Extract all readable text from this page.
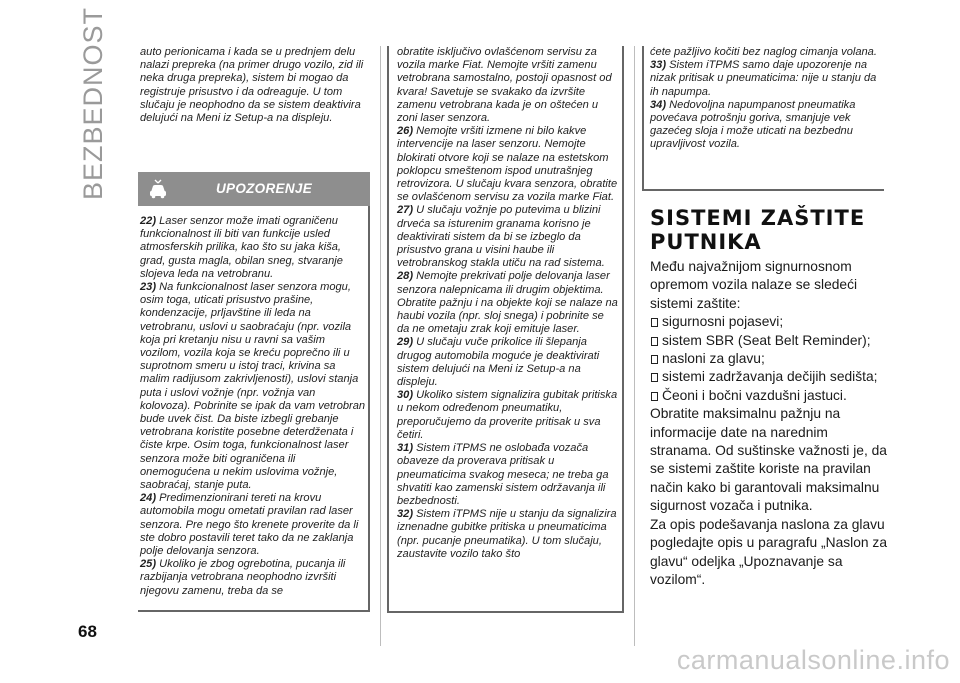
BEZBEDNOST	auto perionicama i kada se u prednjem delu nalazi prepreka (na primer drugo vozilo, zid ili neka druga prepreka), sistem bi mogao da registruje prisustvo i da odreaguje. U tom slučaju je neophodno da se sistem deaktivira delujući na Meni iz Setup-a na displeju.

UPOZORENJE

22) Laser senzor može imati ograničenu funkcionalnost ili biti van funkcije usled atmosferskih prilika, kao što su jaka kiša, grad, gusta magla, obilan sneg, stvaranje slojeva leda na vetrobranu.

23) Na funkcionalnost laser senzora mogu, osim toga, uticati prisustvo prašine, kondenzacije, prljavštine ili leda na vetrobranu, uslovi u saobraćaju (npr. vozila koja pri kretanju nisu u ravni sa vašim vozilom, vozila koja se kreću poprečno ili u suprotnom smeru u istoj traci, krivina sa malim radijusom zakrivljenosti), uslovi stanja puta i uslovi vožnje (npr. vožnja van kolovoza). Pobrinite se ipak da vam vetrobran bude uvek čist. Da biste izbegli grebanje vetrobrana koristite posebne deterdženata i čiste krpe. Osim toga, funkcionalnost laser senzora može biti ograničena ili onemogućena u nekim uslovima vožnje, saobraćaj, stanje puta.

24) Predimenzionirani tereti na krovu automobila mogu ometati pravilan rad laser senzora. Pre nego što krenete proverite da li ste dobro postavili teret tako da ne zaklanja polje delovanja senzora.

25) Ukoliko je zbog ogrebotina, pucanja ili razbijanja vetrobrana neophodno izvršiti njegovu zamenu, treba da se

obratite isključivo ovlašćenom servisu za vozila marke Fiat. Nemojte vršiti zamenu vetrobrana samostalno, postoji opasnost od kvara! Savetuje se svakako da izvršite zamenu vetrobrana kada je on oštećen u zoni laser senzora.

26) Nemojte vršiti izmene ni bilo kakve intervencije na laser senzoru. Nemojte blokirati otvore koji se nalaze na estetskom poklopcu smeštenom ispod unutrašnjeg retrovizora. U slučaju kvara senzora, obratite se ovlašćenom servisu za vozila marke Fiat.

27) U slučaju vožnje po putevima u blizini drveća sa isturenim granama korisno je deaktivirati sistem da bi se izbeglo da prisustvo grana u visini haube ili vetrobranskog stakla utiču na rad sistema.

28) Nemojte prekrivati polje delovanja laser senzora nalepnicama ili drugim objektima. Obratite pažnju i na objekte koji se nalaze na haubi vozila (npr. sloj snega) i pobrinite se da ne ometaju zrak koji emituje laser.

29) U slučaju vuče prikolice ili šlepanja drugog automobila moguće je deaktivirati sistem delujući na Meni iz Setup-a na displeju.

30) Ukoliko sistem signalizira gubitak pritiska u nekom određenom pneumatiku, preporučujemo da proverite pritisak u sva četiri.

31) Sistem iTPMS ne oslobađa vozača obaveze da proverava pritisak u pneumaticima svakog meseca; ne treba ga shvatiti kao zamenski sistem održavanja ili bezbednosti.

32) Sistem iTPMS nije u stanju da signalizira iznenadne gubitke pritiska u pneumaticima (npr. pucanje pneumatika). U tom slučaju, zaustavite vozilo tako što

ćete pažljivo kočiti bez naglog cimanja volana.

33) Sistem iTPMS samo daje upozorenje na nizak pritisak u pneumaticima: nije u stanju da ih napumpa.

34) Nedovoljna napumpanost pneumatika povećava potrošnju goriva, smanjuje vek gazećeg sloja i može uticati na bezbednu upravljivost vozila.

SISTEMI ZAŠTITE PUTNIKA

Među najvažnijom signurnosnom opremom vozila nalaze se sledeći sistemi zaštite:

sigurnosni pojasevi;
sistem SBR (Seat Belt Reminder);
nasloni za glavu;
sistemi zadržavanja dečijih sedišta;
Čeoni i bočni vazdušni jastuci.

Obratite maksimalnu pažnju na informacije date na narednim stranama. Od suštinske važnosti je, da se sistemi zaštite koriste na pravilan način kako bi garantovali maksimalnu sigurnost vozača i putnika.

Za opis podešavanja naslona za glavu pogledajte opis u paragrafu „Naslon za glavu“ odeljka „Upoznavanje sa vozilom“.

68
carmanualsonline.info
